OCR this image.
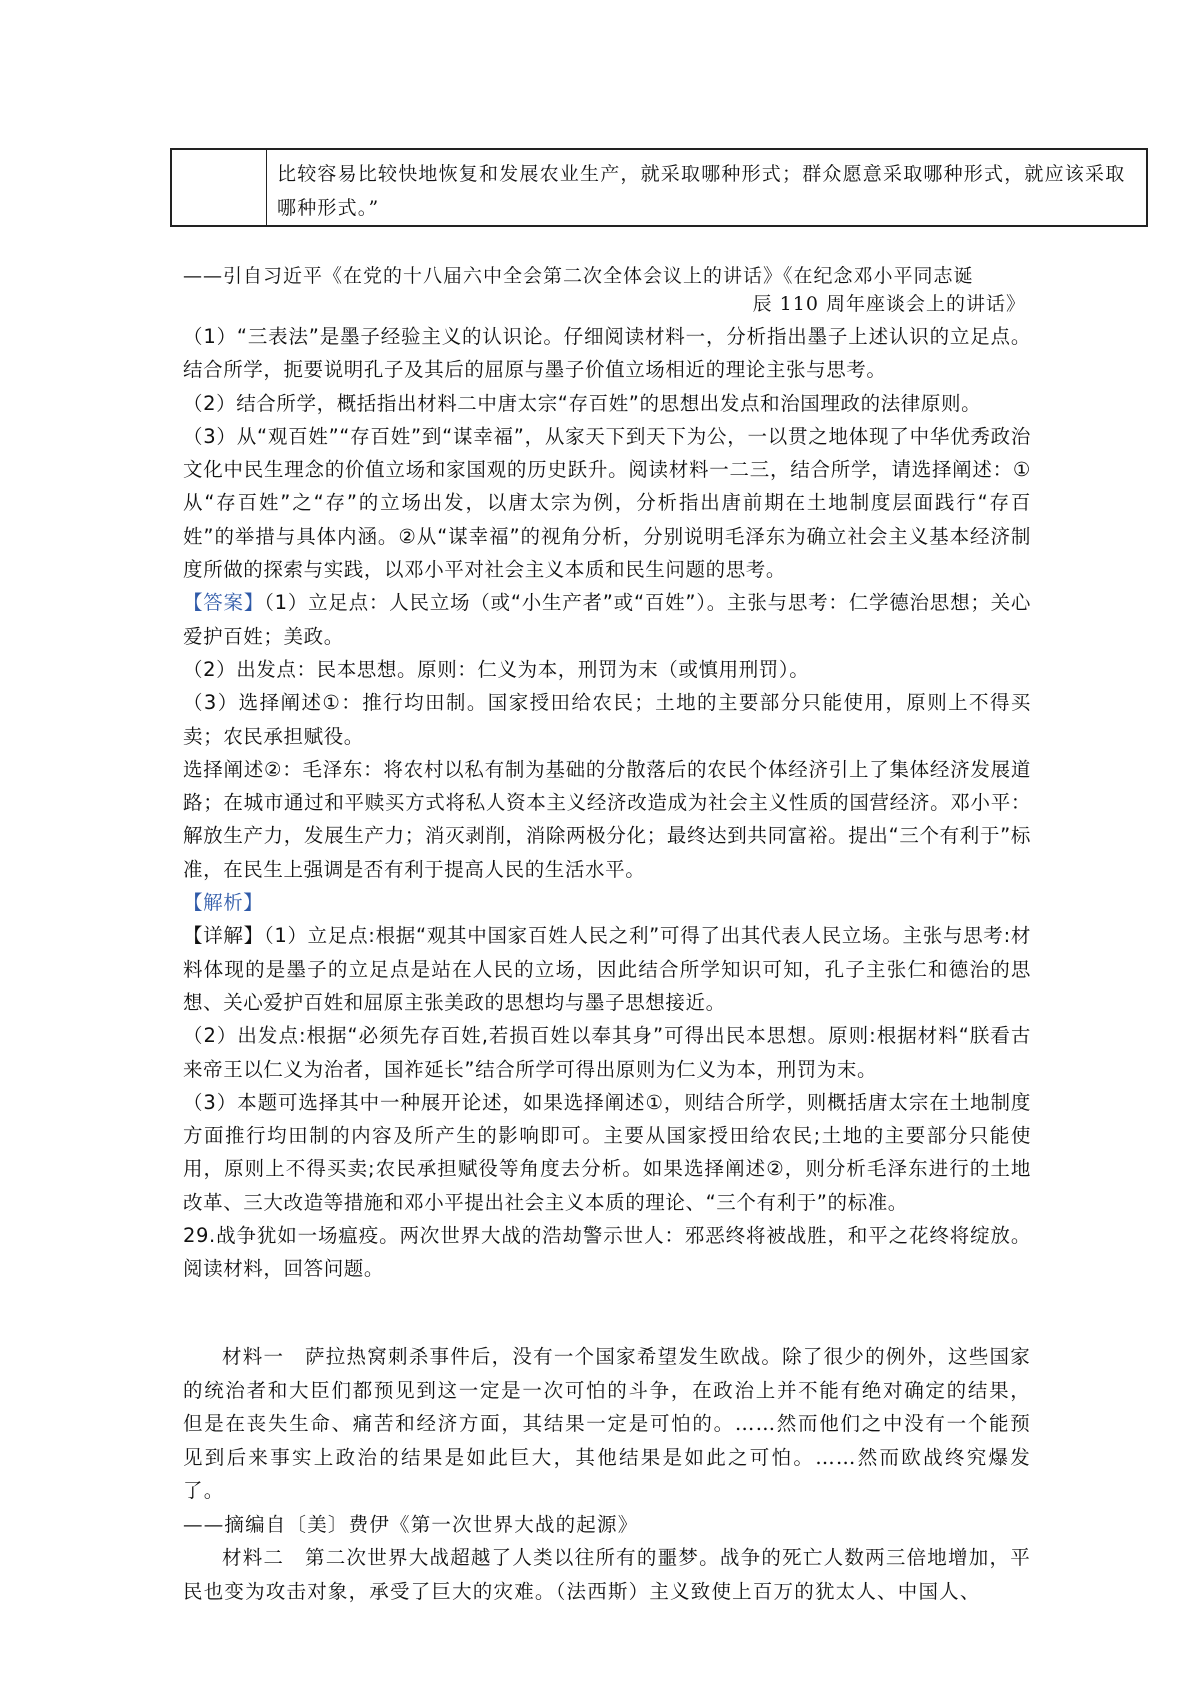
比较容易比较快地恢复和发展农业生产，就采取哪种形式；群众愿意采取哪种形式，就应该采取哪种形式。”
——引自习近平《在党的十八届六中全会第二次全体会议上的讲话》《在纪念邓小平同志诞
辰 110 周年座谈会上的讲话》

（1）“三表法”是墨子经验主义的认识论。仔细阅读材料一，分析指出墨子上述认识的立足点。结合所学，扼要说明孔子及其后的屈原与墨子价值立场相近的理论主张与思考。

（2）结合所学，概括指出材料二中唐太宗“存百姓”的思想出发点和治国理政的法律原则。

（3）从“观百姓”“存百姓”到“谋幸福”，从家天下到天下为公，一以贯之地体现了中华优秀政治文化中民生理念的价值立场和家国观的历史跃升。阅读材料一二三，结合所学，请选择阐述：①从“存百姓”之“存”的立场出发，以唐太宗为例，分析指出唐前期在土地制度层面践行“存百姓”的举措与具体内涵。②从“谋幸福”的视角分析，分别说明毛泽东为确立社会主义基本经济制度所做的探索与实践，以邓小平对社会主义本质和民生问题的思考。

【答案】（1）立足点：人民立场（或“小生产者”或“百姓”）。主张与思考：仁学德治思想；关心爱护百姓；美政。

（2）出发点：民本思想。原则：仁义为本，刑罚为末（或慎用刑罚）。

（3）选择阐述①：推行均田制。国家授田给农民；土地的主要部分只能使用，原则上不得买卖；农民承担赋役。

选择阐述②：毛泽东：将农村以私有制为基础的分散落后的农民个体经济引上了集体经济发展道路；在城市通过和平赎买方式将私人资本主义经济改造成为社会主义性质的国营经济。邓小平：解放生产力，发展生产力；消灭剥削，消除两极分化；最终达到共同富裕。提出“三个有利于”标准，在民生上强调是否有利于提高人民的生活水平。

【解析】

【详解】（1）立足点:根据“观其中国家百姓人民之利”可得了出其代表人民立场。主张与思考:材料体现的是墨子的立足点是站在人民的立场，因此结合所学知识可知，孔子主张仁和德治的思想、关心爱护百姓和屈原主张美政的思想均与墨子思想接近。

（2）出发点:根据“必须先存百姓,若损百姓以奉其身”可得出民本思想。原则:根据材料“朕看古来帝王以仁义为治者，国祚延长”结合所学可得出原则为仁义为本，刑罚为末。

（3）本题可选择其中一种展开论述，如果选择阐述①，则结合所学，则概括唐太宗在土地制度方面推行均田制的内容及所产生的影响即可。主要从国家授田给农民;土地的主要部分只能使用，原则上不得买卖;农民承担赋役等角度去分析。如果选择阐述②，则分析毛泽东进行的土地改革、三大改造等措施和邓小平提出社会主义本质的理论、“三个有利于”的标准。

29.战争犹如一场瘟疫。两次世界大战的浩劫警示世人：邪恶终将被战胜，和平之花终将绽放。阅读材料，回答问题。

材料一　萨拉热窝刺杀事件后，没有一个国家希望发生欧战。除了很少的例外，这些国家的统治者和大臣们都预见到这一定是一次可怕的斗争，在政治上并不能有绝对确定的结果，但是在丧失生命、痛苦和经济方面，其结果一定是可怕的。……然而他们之中没有一个能预见到后来事实上政治的结果是如此巨大，其他结果是如此之可怕。……然而欧战终究爆发了。

——摘编自〔美〕费伊《第一次世界大战的起源》

材料二　第二次世界大战超越了人类以往所有的噩梦。战争的死亡人数两三倍地增加，平民也变为攻击对象，承受了巨大的灾难。（法西斯）主义致使上百万的犹太人、中国人、
